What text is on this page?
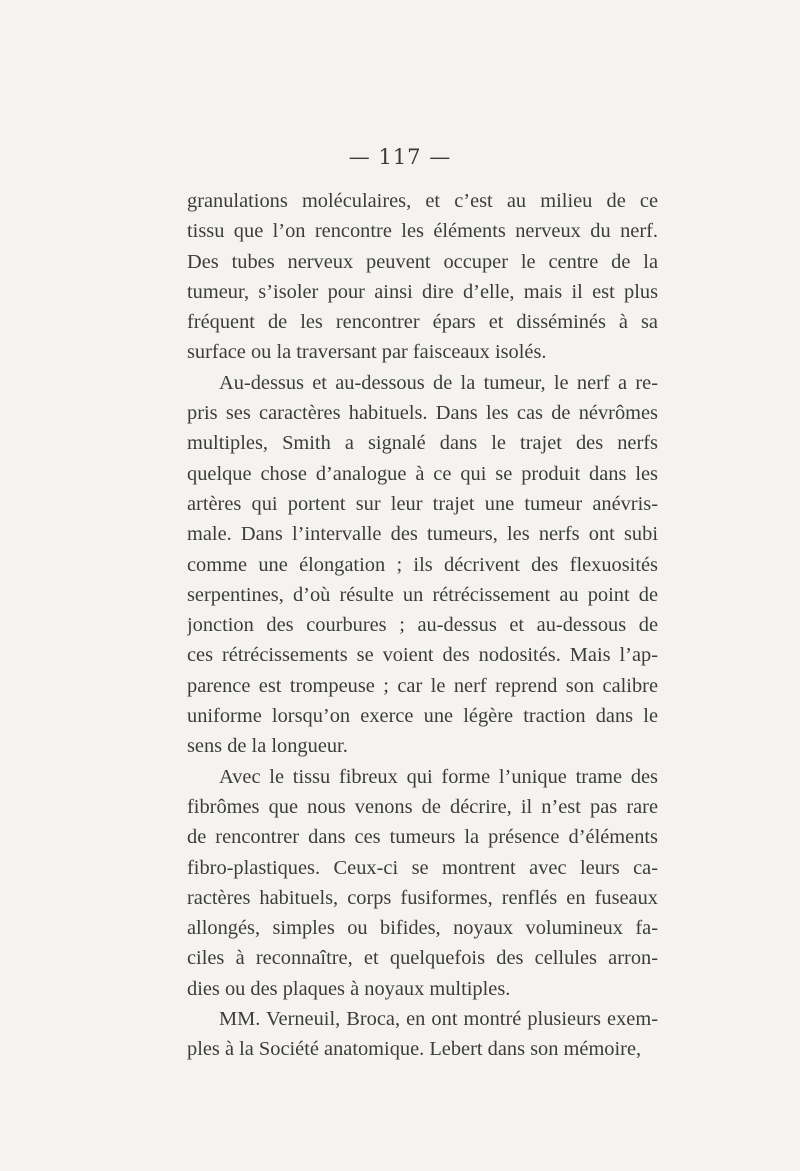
— 117 —
granulations moléculaires, et c’est au milieu de ce
tissu que l’on rencontre les éléments nerveux du nerf.
Des tubes nerveux peuvent occuper le centre de la
tumeur, s’isoler pour ainsi dire d’elle, mais il est plus
fréquent de les rencontrer épars et disséminés à sa
surface ou la traversant par faisceaux isolés.
Au-dessus et au-dessous de la tumeur, le nerf a re-
pris ses caractères habituels. Dans les cas de névrômes
multiples, Smith a signalé dans le trajet des nerfs
quelque chose d’analogue à ce qui se produit dans les
artères qui portent sur leur trajet une tumeur anévris-
male. Dans l’intervalle des tumeurs, les nerfs ont subi
comme une élongation ; ils décrivent des flexuosités
serpentines, d’où résulte un rétrécissement au point de
jonction des courbures ; au-dessus et au-dessous de
ces rétrécissements se voient des nodosités. Mais l’ap-
parence est trompeuse ; car le nerf reprend son calibre
uniforme lorsqu’on exerce une légère traction dans le
sens de la longueur.
Avec le tissu fibreux qui forme l’unique trame des
fibrômes que nous venons de décrire, il n’est pas rare
de rencontrer dans ces tumeurs la présence d’éléments
fibro-plastiques. Ceux-ci se montrent avec leurs ca-
ractères habituels, corps fusiformes, renflés en fuseaux
allongés, simples ou bifides, noyaux volumineux fa-
ciles à reconnaître, et quelquefois des cellules arron-
dies ou des plaques à noyaux multiples.
MM. Verneuil, Broca, en ont montré plusieurs exem-
ples à la Société anatomique. Lebert dans son mémoire,
